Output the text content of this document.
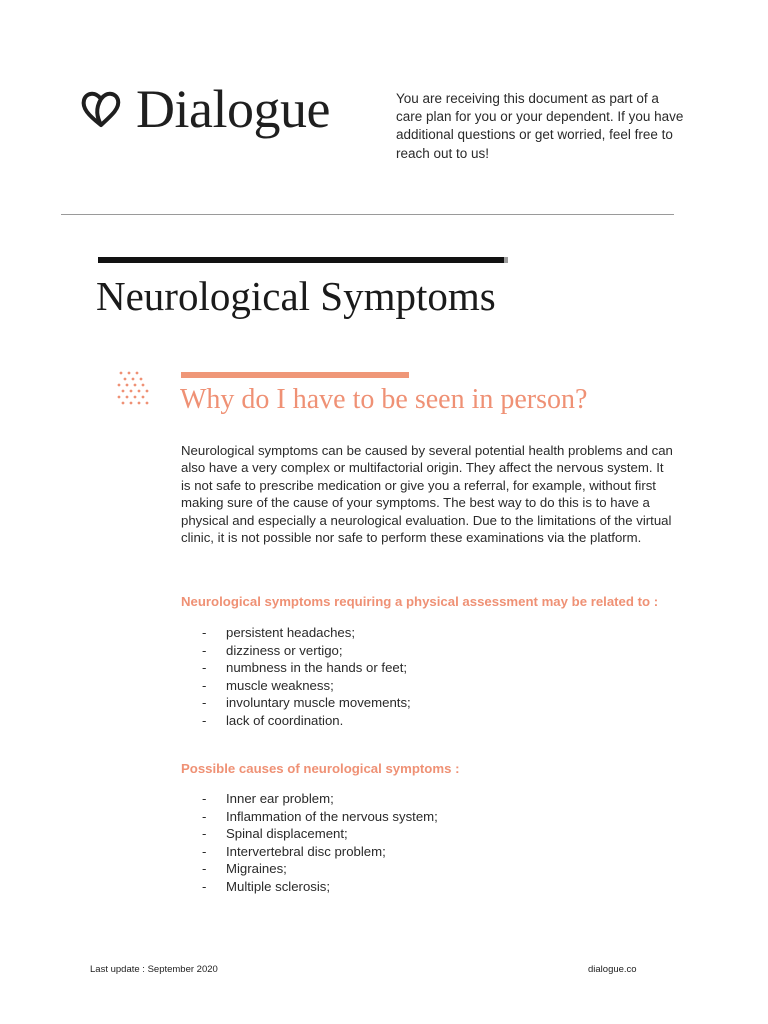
Dialogue	You are receiving this document as part of a care plan for you or your dependent. If you have additional questions or get worried, feel free to reach out to us!

Neurological Symptoms
Why do I have to be seen in person?

Neurological symptoms can be caused by several potential health problems and can also have a very complex or multifactorial origin. They affect the nervous system. It is not safe to prescribe medication or give you a referral, for example, without first making sure of the cause of your symptoms. The best way to do this is to have a physical and especially a neurological evaluation. Due to the limitations of the virtual clinic, it is not possible nor safe to perform these examinations via the platform.

Neurological symptoms requiring a physical assessment may be related to :

-	persistent headaches;
-	dizziness or vertigo;
-	numbness in the hands or feet;
-	muscle weakness;
-	involuntary muscle movements;
-	lack of coordination.

Possible causes of neurological symptoms :

-	Inner ear problem;
-	Inflammation of the nervous system;
-	Spinal displacement;
-	Intervertebral disc problem;
-	Migraines;
-	Multiple sclerosis;
Last update : September 2020	dialogue.co
